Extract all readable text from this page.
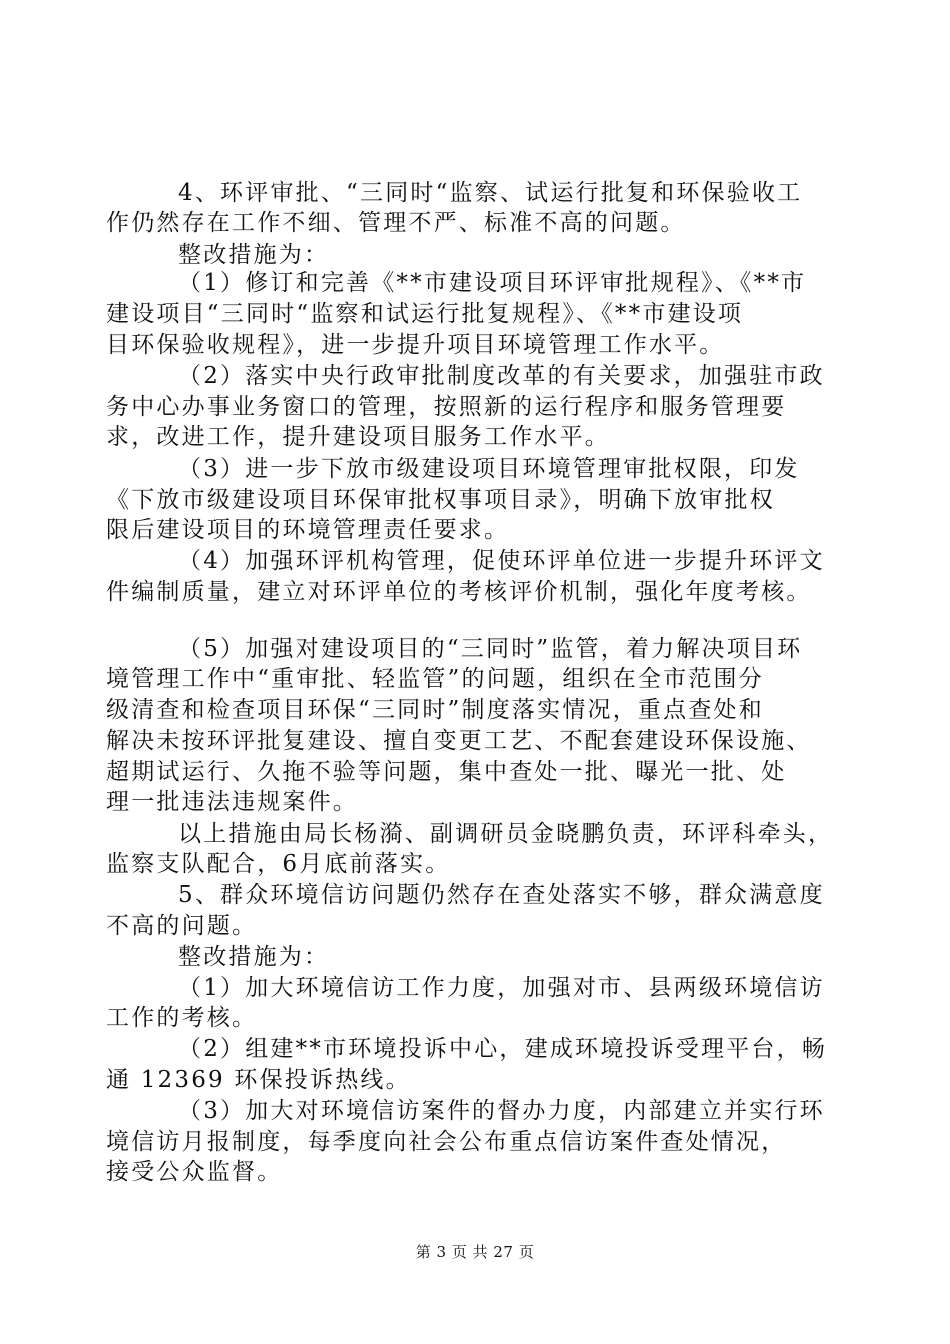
4、环评审批、“三同时“监察、试运行批复和环保验收工
作仍然存在工作不细、管理不严、标准不高的问题。
整改措施为：
（1）修订和完善《**市建设项目环评审批规程》、《**市
建设项目“三同时“监察和试运行批复规程》、《**市建设项
目环保验收规程》，进一步提升项目环境管理工作水平。
（2）落实中央行政审批制度改革的有关要求，加强驻市政
务中心办事业务窗口的管理，按照新的运行程序和服务管理要
求，改进工作，提升建设项目服务工作水平。
（3）进一步下放市级建设项目环境管理审批权限，印发
《下放市级建设项目环保审批权事项目录》，明确下放审批权
限后建设项目的环境管理责任要求。
（4）加强环评机构管理，促使环评单位进一步提升环评文
件编制质量，建立对环评单位的考核评价机制，强化年度考核。
（5）加强对建设项目的“三同时”监管，着力解决项目环
境管理工作中“重审批、轻监管”的问题，组织在全市范围分
级清查和检查项目环保“三同时”制度落实情况，重点查处和
解决未按环评批复建设、擅自变更工艺、不配套建设环保设施、
超期试运行、久拖不验等问题，集中查处一批、曝光一批、处
理一批违法违规案件。
以上措施由局长杨漪、副调研员金晓鹏负责，环评科牵头，
监察支队配合，6月底前落实。
5、群众环境信访问题仍然存在查处落实不够，群众满意度
不高的问题。
整改措施为：
（1）加大环境信访工作力度，加强对市、县两级环境信访
工作的考核。
（2）组建**市环境投诉中心，建成环境投诉受理平台，畅
通 12369 环保投诉热线。
（3）加大对环境信访案件的督办力度，内部建立并实行环
境信访月报制度，每季度向社会公布重点信访案件查处情况，
接受公众监督。
第 3 页 共 27 页
